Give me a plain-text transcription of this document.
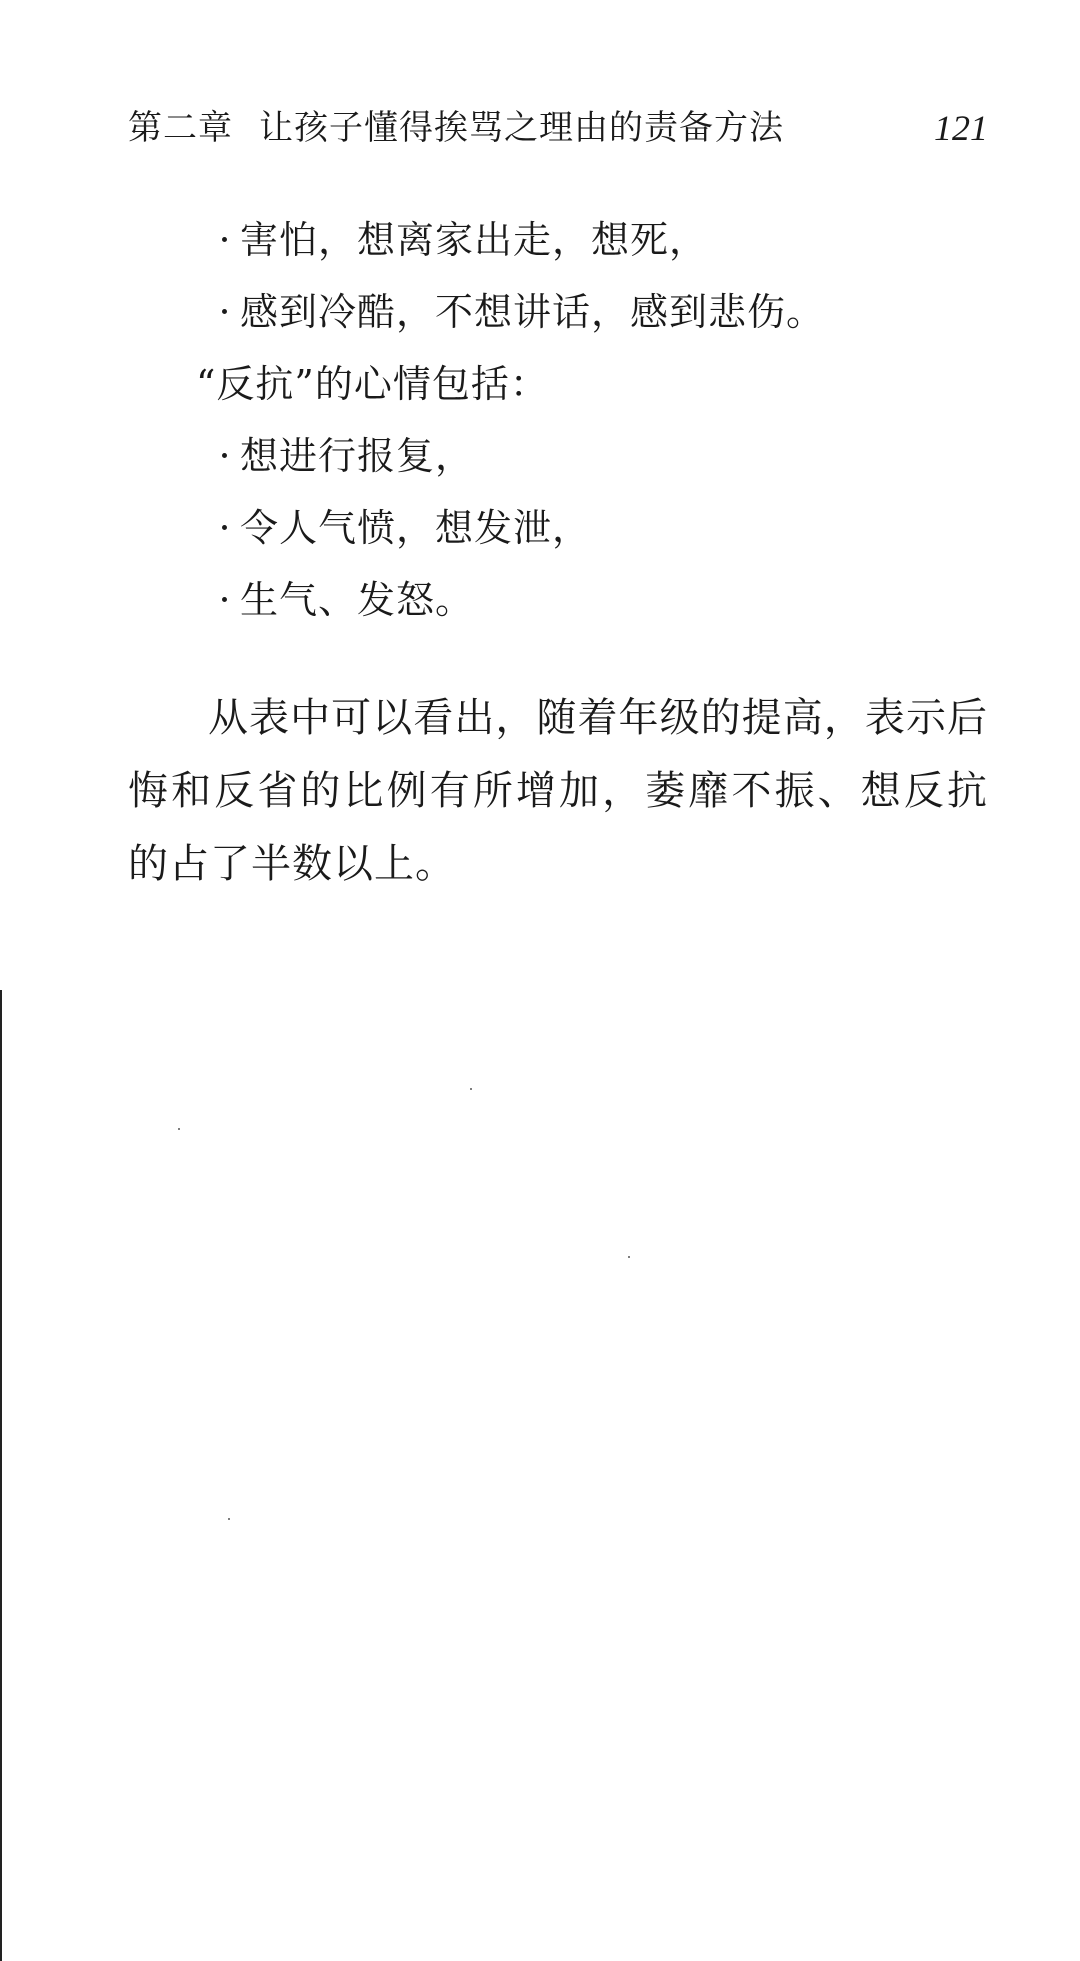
第二章 让孩子懂得挨骂之理由的责备方法	121
· 害怕，想离家出走，想死，
· 感到冷酷，不想讲话，感到悲伤。
“反抗”的心情包括：
· 想进行报复，
· 令人气愤，想发泄，
· 生气、发怒。

从表中可以看出，随着年级的提高，表示后悔和反省的比例有所增加，萎靡不振、想反抗的占了半数以上。
